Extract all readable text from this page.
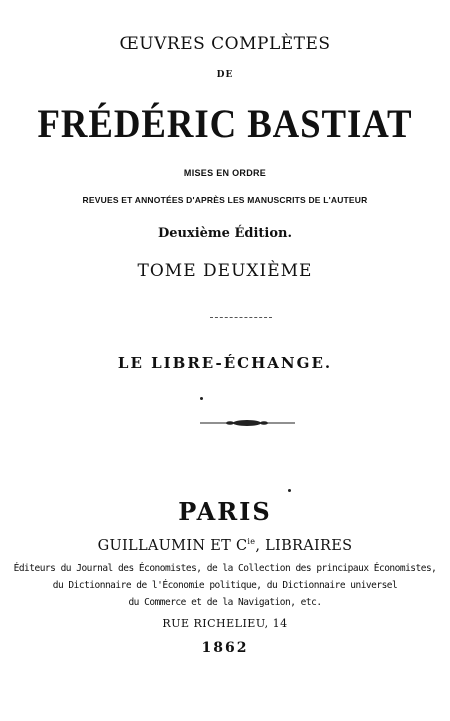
ŒUVRES COMPLÈTES
DE
FRÉDÉRIC BASTIAT
MISES EN ORDRE
REVUES ET ANNOTÉES D'APRÈS LES MANUSCRITS DE L'AUTEUR
Deuxième Édition.
TOME DEUXIÈME
LE LIBRE-ÉCHANGE.
PARIS
GUILLAUMIN ET $C^{ie}$, LIBRAIRES
Éditeurs du Journal des Économistes, de la Collection des principaux Économistes,
du Dictionnaire de l'Économie politique, du Dictionnaire universel
du Commerce et de la Navigation, etc.
RUE RICHELIEU, 14
1862
